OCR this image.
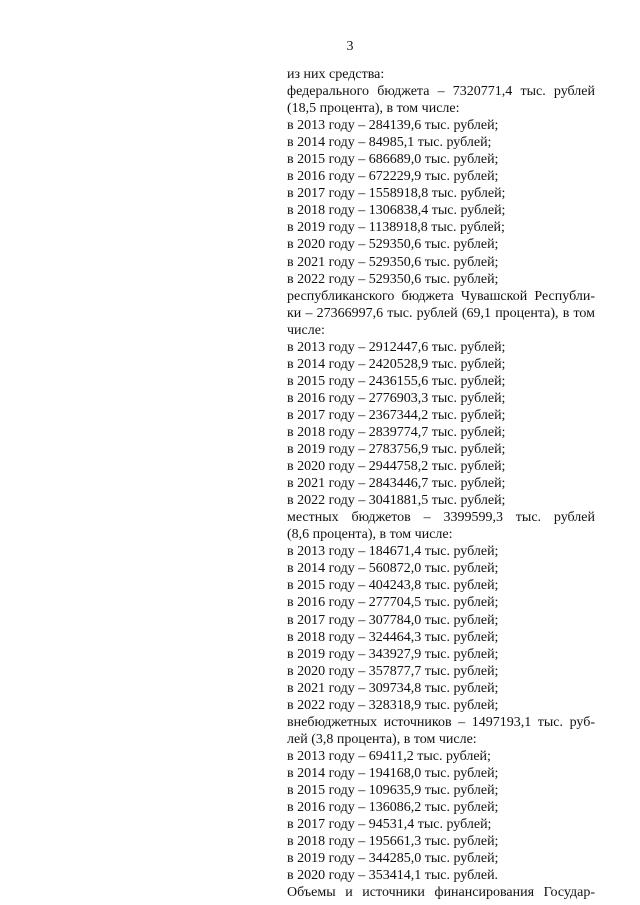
3
из них средства:
федерального бюджета – 7320771,4 тыс. рублей
(18,5 процента), в том числе:
в 2013 году – 284139,6 тыс. рублей;
в 2014 году – 84985,1 тыс. рублей;
в 2015 году – 686689,0 тыс. рублей;
в 2016 году – 672229,9 тыс. рублей;
в 2017 году – 1558918,8 тыс. рублей;
в 2018 году – 1306838,4 тыс. рублей;
в 2019 году – 1138918,8 тыс. рублей;
в 2020 году – 529350,6 тыс. рублей;
в 2021 году – 529350,6 тыс. рублей;
в 2022 году – 529350,6 тыс. рублей;
республиканского бюджета Чувашской Республи-
ки – 27366997,6 тыс. рублей (69,1 процента), в том
числе:
в 2013 году – 2912447,6 тыс. рублей;
в 2014 году – 2420528,9 тыс. рублей;
в 2015 году – 2436155,6 тыс. рублей;
в 2016 году – 2776903,3 тыс. рублей;
в 2017 году – 2367344,2 тыс. рублей;
в 2018 году – 2839774,7 тыс. рублей;
в 2019 году – 2783756,9 тыс. рублей;
в 2020 году – 2944758,2 тыс. рублей;
в 2021 году – 2843446,7 тыс. рублей;
в 2022 году – 3041881,5 тыс. рублей;
местных бюджетов – 3399599,3 тыс. рублей
(8,6 процента), в том числе:
в 2013 году – 184671,4 тыс. рублей;
в 2014 году – 560872,0 тыс. рублей;
в 2015 году – 404243,8 тыс. рублей;
в 2016 году – 277704,5 тыс. рублей;
в 2017 году – 307784,0 тыс. рублей;
в 2018 году – 324464,3 тыс. рублей;
в 2019 году – 343927,9 тыс. рублей;
в 2020 году – 357877,7 тыс. рублей;
в 2021 году – 309734,8 тыс. рублей;
в 2022 году – 328318,9 тыс. рублей;
внебюджетных источников – 1497193,1 тыс. руб-
лей (3,8 процента), в том числе:
в 2013 году – 69411,2 тыс. рублей;
в 2014 году – 194168,0 тыс. рублей;
в 2015 году – 109635,9 тыс. рублей;
в 2016 году – 136086,2 тыс. рублей;
в 2017 году – 94531,4 тыс. рублей;
в 2018 году – 195661,3 тыс. рублей;
в 2019 году – 344285,0 тыс. рублей;
в 2020 году – 353414,1 тыс. рублей.
Объемы и источники финансирования Государ-
